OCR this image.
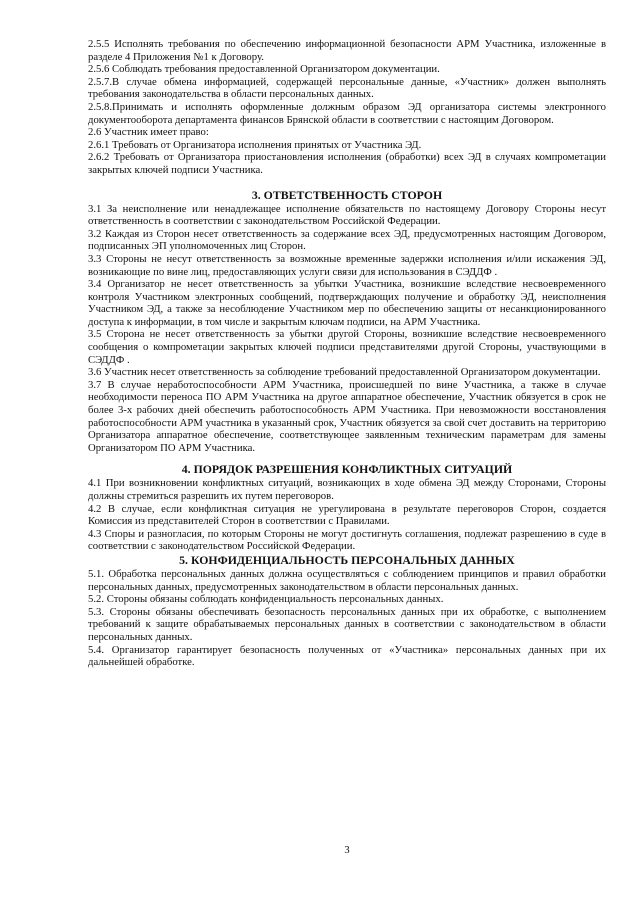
2.5.5 Исполнять требования по обеспечению информационной безопасности АРМ Участника, изложенные в разделе 4 Приложения №1 к Договору.

2.5.6 Соблюдать требования предоставленной Организатором документации.

2.5.7.В случае обмена информацией, содержащей персональные данные, «Участник» должен выполнять требования законодательства в области персональных данных.

2.5.8.Принимать и исполнять оформленные должным образом ЭД организатора системы электронного документооборота департамента финансов Брянской области в соответствии с настоящим Договором.

2.6 Участник имеет право:

2.6.1 Требовать от Организатора исполнения принятых от Участника ЭД.

2.6.2 Требовать от Организатора приостановления исполнения (обработки) всех ЭД в случаях компрометации закрытых ключей подписи Участника.

3. ОТВЕТСТВЕННОСТЬ СТОРОН

3.1 За неисполнение или ненадлежащее исполнение обязательств по настоящему Договору Стороны несут ответственность в соответствии с законодательством Российской Федерации.

3.2 Каждая из Сторон несет ответственность за содержание всех ЭД, предусмотренных настоящим Договором, подписанных ЭП уполномоченных лиц Сторон.

3.3 Стороны не несут ответственность за возможные временные задержки исполнения и/или искажения ЭД, возникающие по вине лиц, предоставляющих услуги связи для использования в СЭДДФ .

3.4 Организатор не несет ответственность за убытки Участника, возникшие вследствие несвоевременного контроля Участником электронных сообщений, подтверждающих получение и обработку ЭД, неисполнения Участником ЭД, а также за несоблюдение Участником мер по обеспечению защиты от несанкционированного доступа к информации, в том числе и закрытым ключам подписи, на АРМ Участника.

3.5 Сторона не несет ответственность за убытки другой Стороны, возникшие вследствие несвоевременного сообщения о компрометации закрытых ключей подписи представителями другой Стороны, участвующими в СЭДДФ .

3.6 Участник несет ответственность за соблюдение требований предоставленной Организатором документации.

3.7 В случае неработоспособности АРМ Участника, происшедшей по вине Участника, а также в случае необходимости переноса ПО АРМ Участника на другое аппаратное обеспечение, Участник обязуется в срок не более 3-х рабочих дней обеспечить работоспособность АРМ Участника. При невозможности восстановления работоспособности АРМ участника в указанный срок, Участник обязуется за свой счет доставить на территорию Организатора аппаратное обеспечение, соответствующее заявленным техническим параметрам для замены Организатором ПО АРМ Участника.

4. ПОРЯДОК РАЗРЕШЕНИЯ КОНФЛИКТНЫХ СИТУАЦИЙ

4.1 При возникновении конфликтных ситуаций, возникающих в ходе обмена ЭД между Сторонами, Стороны должны стремиться разрешить их путем переговоров.

4.2 В случае, если конфликтная ситуация не урегулирована в результате переговоров Сторон, создается Комиссия из представителей Сторон в соответствии с Правилами.

4.3 Споры и разногласия, по которым Стороны не могут достигнуть соглашения, подлежат разрешению в суде в соответствии с законодательством Российской Федерации.

5. КОНФИДЕНЦИАЛЬНОСТЬ ПЕРСОНАЛЬНЫХ ДАННЫХ

5.1. Обработка персональных данных должна осуществляться с соблюдением принципов и правил обработки персональных данных, предусмотренных законодательством в области персональных данных.

5.2. Стороны обязаны соблюдать конфиденциальность персональных данных.

5.3. Стороны обязаны обеспечивать безопасность персональных данных при их обработке, с выполнением требований к защите обрабатываемых персональных данных в соответствии с законодательством в области персональных данных.

5.4. Организатор гарантирует безопасность полученных от «Участника» персональных данных при их дальнейшей обработке.

3
